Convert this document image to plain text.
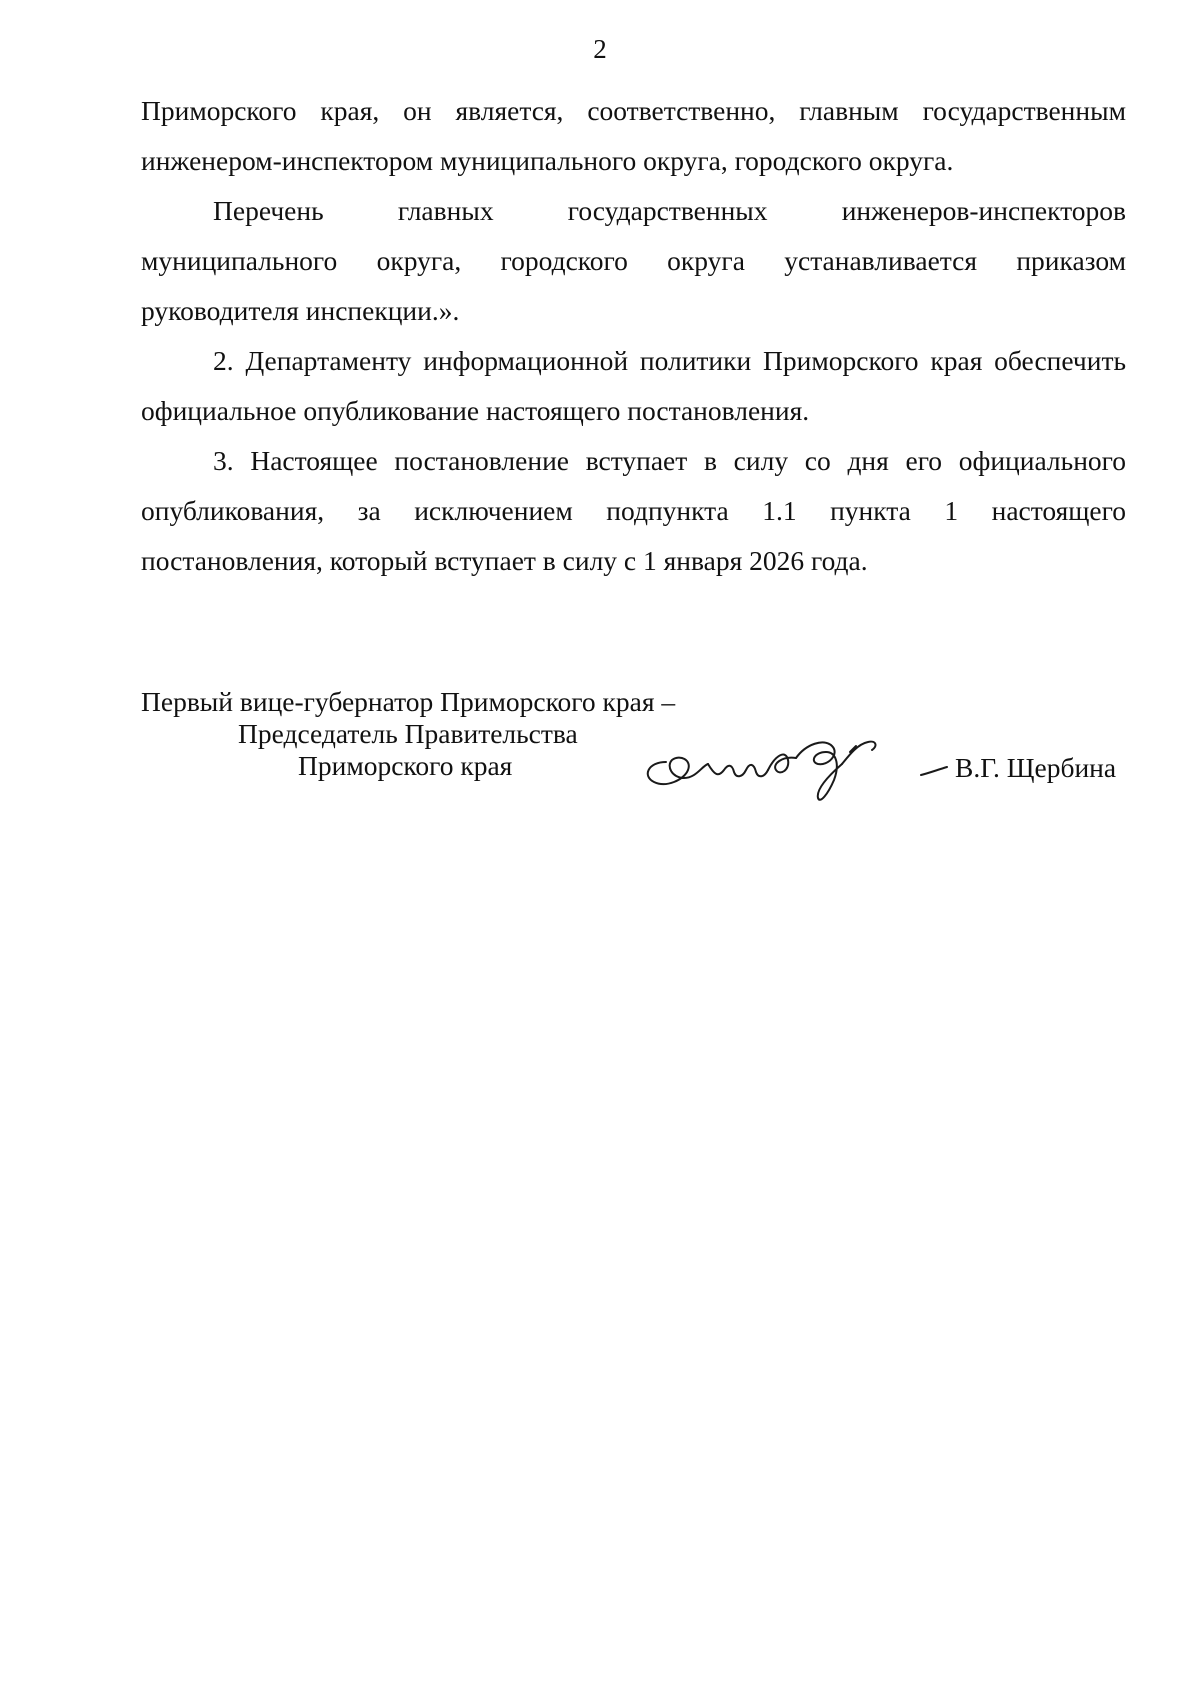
2

Приморского края, он является, соответственно, главным государственным инженером-инспектором муниципального округа, городского округа.

Перечень главных государственных инженеров-инспекторов муниципального округа, городского округа устанавливается приказом руководителя инспекции.».

2. Департаменту информационной политики Приморского края обеспечить официальное опубликование настоящего постановления.

3. Настоящее постановление вступает в силу со дня его официального опубликования, за исключением подпункта 1.1 пункта 1 настоящего постановления, который вступает в силу с 1 января 2026 года.

Первый вице-губернатор Приморского края –
Председатель Правительства
Приморского края	В.Г. Щербина
